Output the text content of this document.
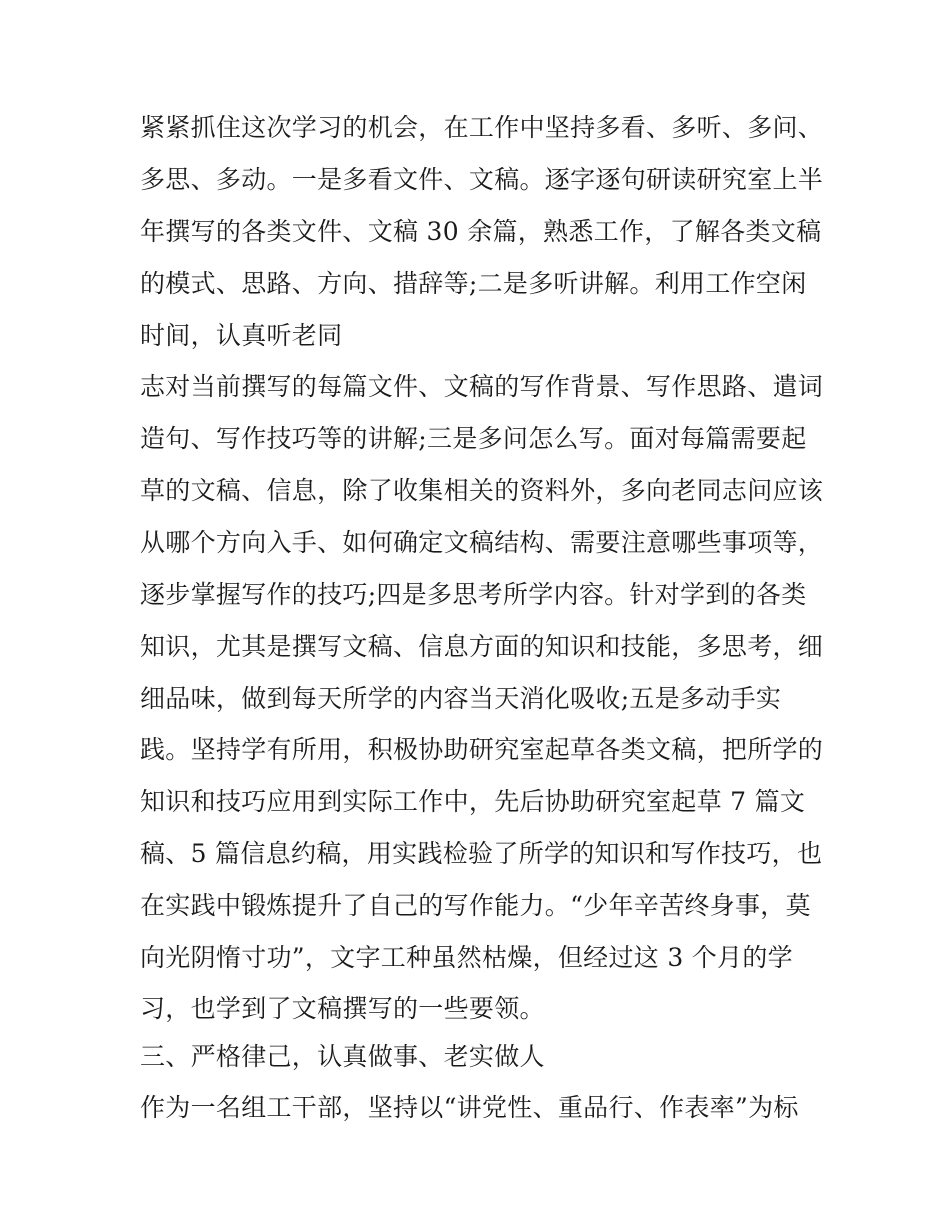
紧紧抓住这次学习的机会，在工作中坚持多看、多听、多问、
多思、多动。一是多看文件、文稿。逐字逐句研读研究室上半
年撰写的各类文件、文稿 30 余篇，熟悉工作，了解各类文稿
的模式、思路、方向、措辞等;二是多听讲解。利用工作空闲
时间，认真听老同
志对当前撰写的每篇文件、文稿的写作背景、写作思路、遣词
造句、写作技巧等的讲解;三是多问怎么写。面对每篇需要起
草的文稿、信息，除了收集相关的资料外，多向老同志问应该
从哪个方向入手、如何确定文稿结构、需要注意哪些事项等，
逐步掌握写作的技巧;四是多思考所学内容。针对学到的各类
知识，尤其是撰写文稿、信息方面的知识和技能，多思考，细
细品味，做到每天所学的内容当天消化吸收;五是多动手实
践。坚持学有所用，积极协助研究室起草各类文稿，把所学的
知识和技巧应用到实际工作中，先后协助研究室起草 7 篇文
稿、5 篇信息约稿，用实践检验了所学的知识和写作技巧，也
在实践中锻炼提升了自己的写作能力。“少年辛苦终身事，莫
向光阴惰寸功”，文字工种虽然枯燥，但经过这 3 个月的学
习，也学到了文稿撰写的一些要领。
三、严格律己，认真做事、老实做人
作为一名组工干部，坚持以“讲党性、重品行、作表率”为标
